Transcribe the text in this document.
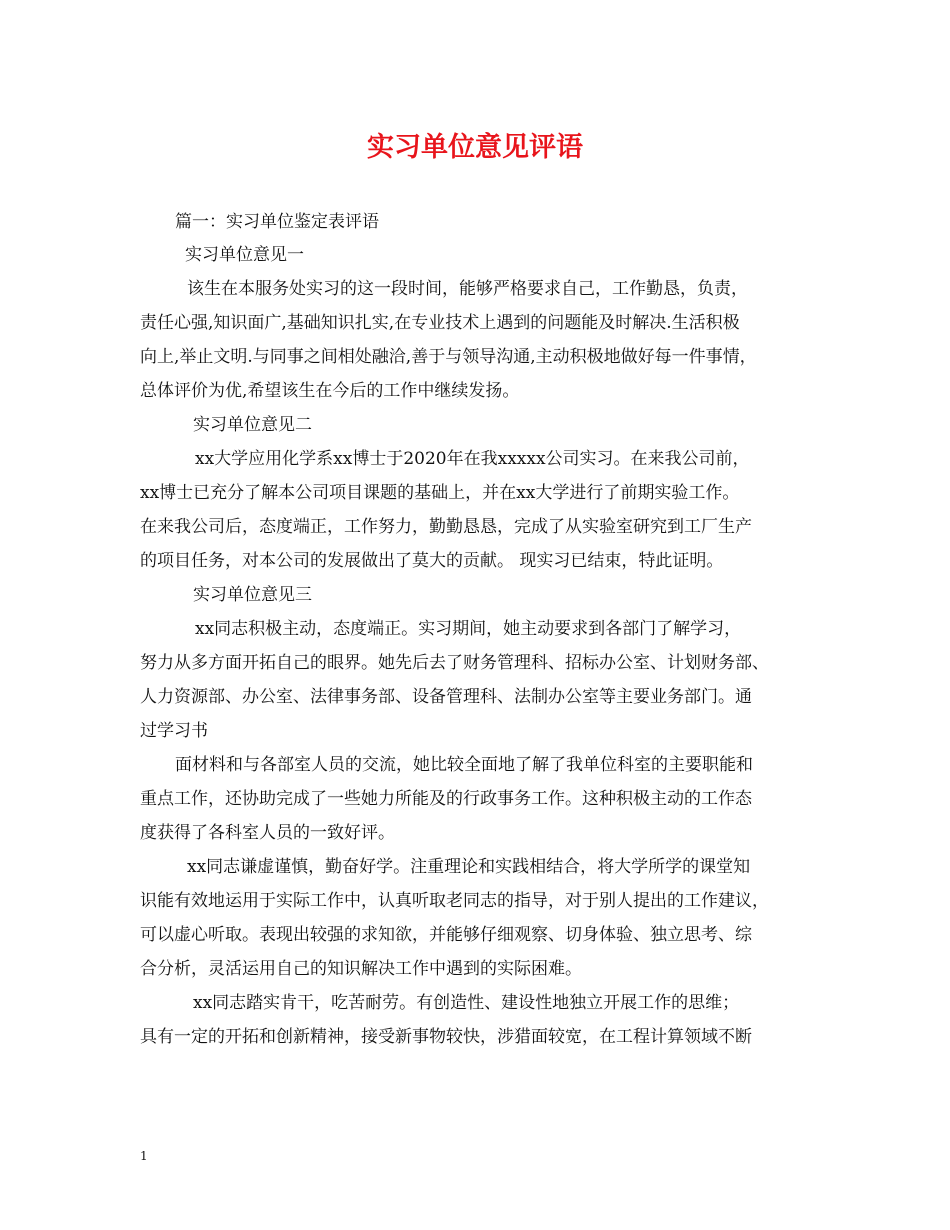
实习单位意见评语
篇一：实习单位鉴定表评语
实习单位意见一
该生在本服务处实习的这一段时间，能够严格要求自己，工作勤恳，负责，
责任心强,知识面广,基础知识扎实,在专业技术上遇到的问题能及时解决.生活积极
向上,举止文明.与同事之间相处融洽,善于与领导沟通,主动积极地做好每一件事情，
总体评价为优,希望该生在今后的工作中继续发扬。
实习单位意见二
xx大学应用化学系xx博士于2020年在我xxxxx公司实习。在来我公司前，
xx博士已充分了解本公司项目课题的基础上，并在xx大学进行了前期实验工作。
在来我公司后，态度端正，工作努力，勤勤恳恳，完成了从实验室研究到工厂生产
的项目任务，对本公司的发展做出了莫大的贡献。 现实习已结束，特此证明。
实习单位意见三
xx同志积极主动，态度端正。实习期间，她主动要求到各部门了解学习，
努力从多方面开拓自己的眼界。她先后去了财务管理科、招标办公室、计划财务部、
人力资源部、办公室、法律事务部、设备管理科、法制办公室等主要业务部门。通
过学习书
面材料和与各部室人员的交流，她比较全面地了解了我单位科室的主要职能和
重点工作，还协助完成了一些她力所能及的行政事务工作。这种积极主动的工作态
度获得了各科室人员的一致好评。
xx同志谦虚谨慎，勤奋好学。注重理论和实践相结合，将大学所学的课堂知
识能有效地运用于实际工作中，认真听取老同志的指导，对于别人提出的工作建议，
可以虚心听取。表现出较强的求知欲，并能够仔细观察、切身体验、独立思考、综
合分析，灵活运用自己的知识解决工作中遇到的实际困难。
xx同志踏实肯干，吃苦耐劳。有创造性、建设性地独立开展工作的思维；
具有一定的开拓和创新精神，接受新事物较快，涉猎面较宽，在工程计算领域不断
1
